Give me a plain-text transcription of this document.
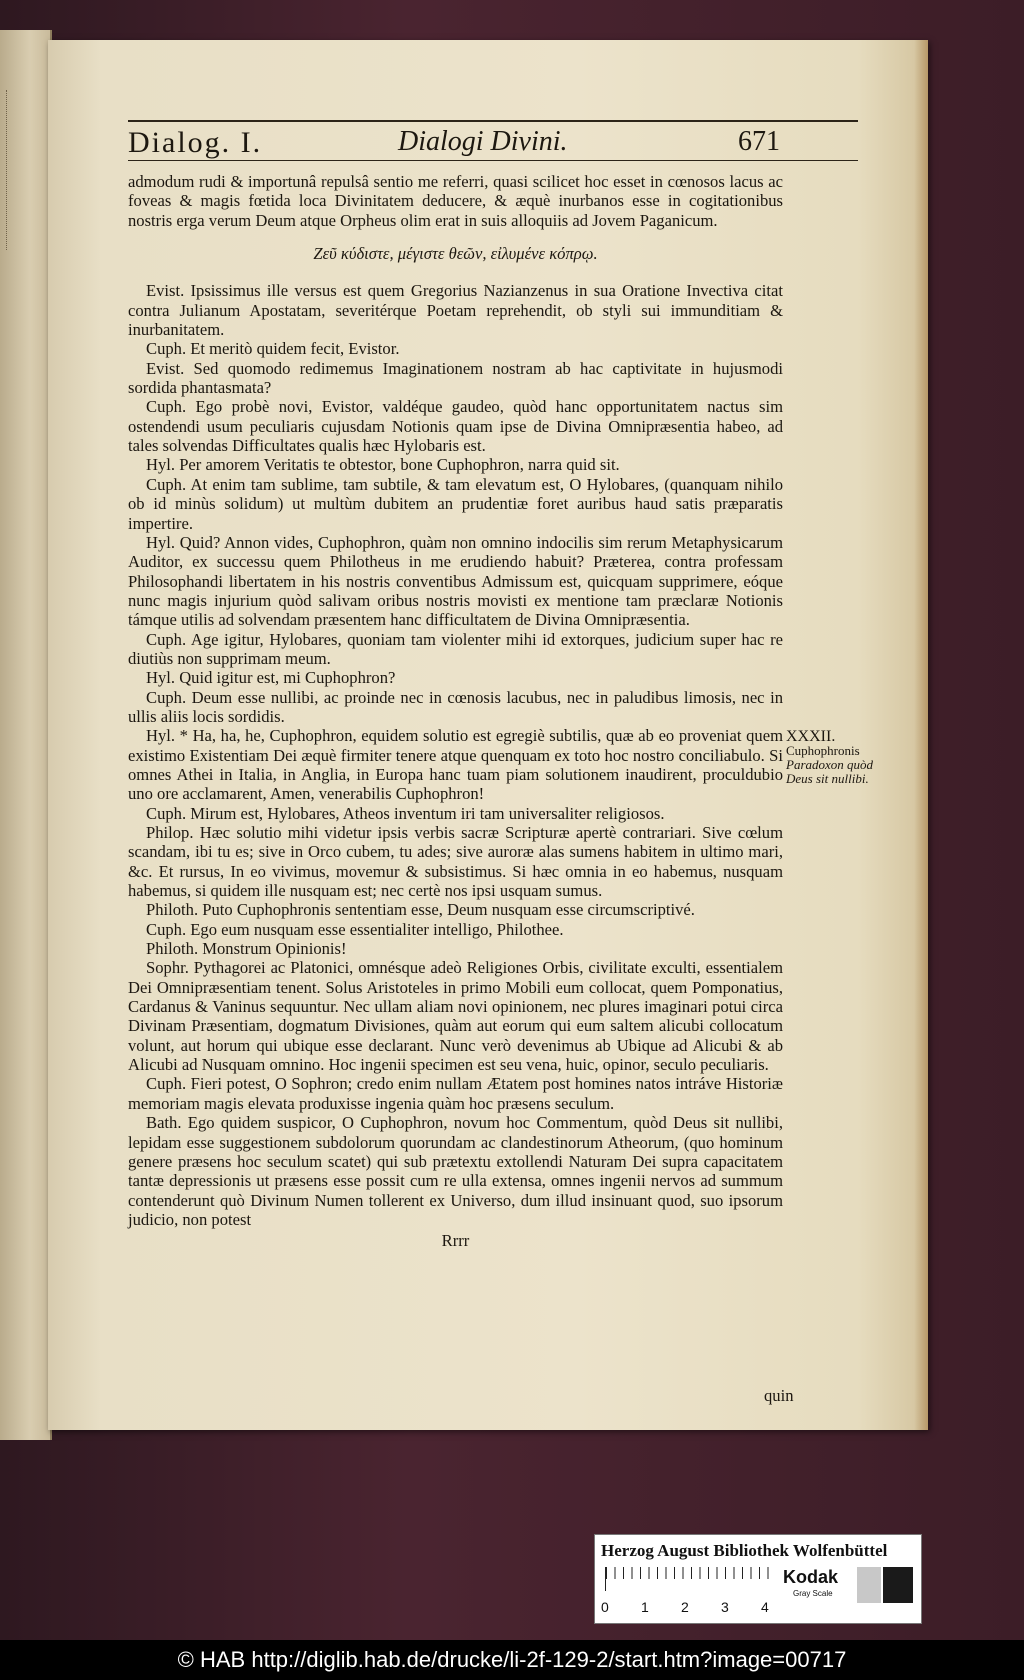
Dialog. I.	Dialogi Divini.	671

admodum rudi & importunâ repulsâ sentio me referri, quasi scilicet hoc esset in cœnosos lacus ac foveas & magis fœtida loca Divinitatem deducere, & æquè inurbanos esse in cogitationibus nostris erga verum Deum atque Orpheus olim erat in suis alloquiis ad Jovem Paganicum.

Ζεῦ κύδιστε, μέγιστε θεῶν, εἰλυμένε κόπρῳ.

Evist. Ipsissimus ille versus est quem Gregorius Nazianzenus in sua Oratione Invectiva citat contra Julianum Apostatam, severitérque Poetam reprehendit, ob styli sui immunditiam & inurbanitatem.

Cuph. Et meritò quidem fecit, Evistor.

Evist. Sed quomodo redimemus Imaginationem nostram ab hac captivitate in hujusmodi sordida phantasmata?

Cuph. Ego probè novi, Evistor, valdéque gaudeo, quòd hanc opportunitatem nactus sim ostendendi usum peculiaris cujusdam Notionis quam ipse de Divina Omnipræsentia habeo, ad tales solvendas Difficultates qualis hæc Hylobaris est.

Hyl. Per amorem Veritatis te obtestor, bone Cuphophron, narra quid sit.

Cuph. At enim tam sublime, tam subtile, & tam elevatum est, O Hylobares, (quanquam nihilo ob id minùs solidum) ut multùm dubitem an prudentiæ foret auribus haud satis præparatis impertire.

Hyl. Quid? Annon vides, Cuphophron, quàm non omnino indocilis sim rerum Metaphysicarum Auditor, ex successu quem Philotheus in me erudiendo habuit? Præterea, contra professam Philosophandi libertatem in his nostris conventibus Admissum est, quicquam supprimere, eóque nunc magis injurium quòd salivam oribus nostris movisti ex mentione tam præclaræ Notionis támque utilis ad solvendam præsentem hanc difficultatem de Divina Omnipræsentia.

Cuph. Age igitur, Hylobares, quoniam tam violenter mihi id extorques, judicium super hac re diutiùs non supprimam meum.

Hyl. Quid igitur est, mi Cuphophron?

Cuph. Deum esse nullibi, ac proinde nec in cœnosis lacubus, nec in paludibus limosis, nec in ullis aliis locis sordidis.

Hyl. * Ha, ha, he, Cuphophron, equidem solutio est egregiè subtilis, quæ ab eo proveniat quem existimo Existentiam Dei æquè firmiter tenere atque quenquam ex toto hoc nostro conciliabulo. Si omnes Athei in Italia, in Anglia, in Europa hanc tuam piam solutionem inaudirent, proculdubio uno ore acclamarent, Amen, venerabilis Cuphophron!

Cuph. Mirum est, Hylobares, Atheos inventum iri tam universaliter religiosos.

Philop. Hæc solutio mihi videtur ipsis verbis sacræ Scripturæ apertè contrariari. Sive cœlum scandam, ibi tu es; sive in Orco cubem, tu ades; sive auroræ alas sumens habitem in ultimo mari, &c. Et rursus, In eo vivimus, movemur & subsistimus. Si hæc omnia in eo habemus, nusquam habemus, si quidem ille nusquam est; nec certè nos ipsi usquam sumus.

Philoth. Puto Cuphophronis sententiam esse, Deum nusquam esse circumscriptivé.

Cuph. Ego eum nusquam esse essentialiter intelligo, Philothee.

Philoth. Monstrum Opinionis!

Sophr. Pythagorei ac Platonici, omnésque adeò Religiones Orbis, civilitate exculti, essentialem Dei Omnipræsentiam tenent. Solus Aristoteles in primo Mobili eum collocat, quem Pomponatius, Cardanus & Vaninus sequuntur. Nec ullam aliam novi opinionem, nec plures imaginari potui circa Divinam Præsentiam, dogmatum Divisiones, quàm aut eorum qui eum saltem alicubi collocatum volunt, aut horum qui ubique esse declarant. Nunc verò devenimus ab Ubique ad Alicubi & ab Alicubi ad Nusquam omnino. Hoc ingenii specimen est seu vena, huic, opinor, seculo peculiaris.

Cuph. Fieri potest, O Sophron; credo enim nullam Ætatem post homines natos intráve Historiæ memoriam magis elevata produxisse ingenia quàm hoc præsens seculum.

Bath. Ego quidem suspicor, O Cuphophron, novum hoc Commentum, quòd Deus sit nullibi, lepidam esse suggestionem subdolorum quorundam ac clandestinorum Atheorum, (quo hominum genere præsens hoc seculum scatet) qui sub prætextu extollendi Naturam Dei supra capacitatem tantæ depressionis ut præsens esse possit cum re ulla extensa, omnes ingenii nervos ad summum contenderunt quò Divinum Numen tollerent ex Universo, dum illud insinuant quod, suo ipsorum judicio, non potest

Rrrr

XXXII.
Cuphophronis
Paradoxon quòd Deus sit nullibi.
quin
Herzog August Bibliothek Wolfenbüttel
0 1 2 3 4
Kodak
Gray Scale
© HAB http://diglib.hab.de/drucke/li-2f-129-2/start.htm?image=00717
